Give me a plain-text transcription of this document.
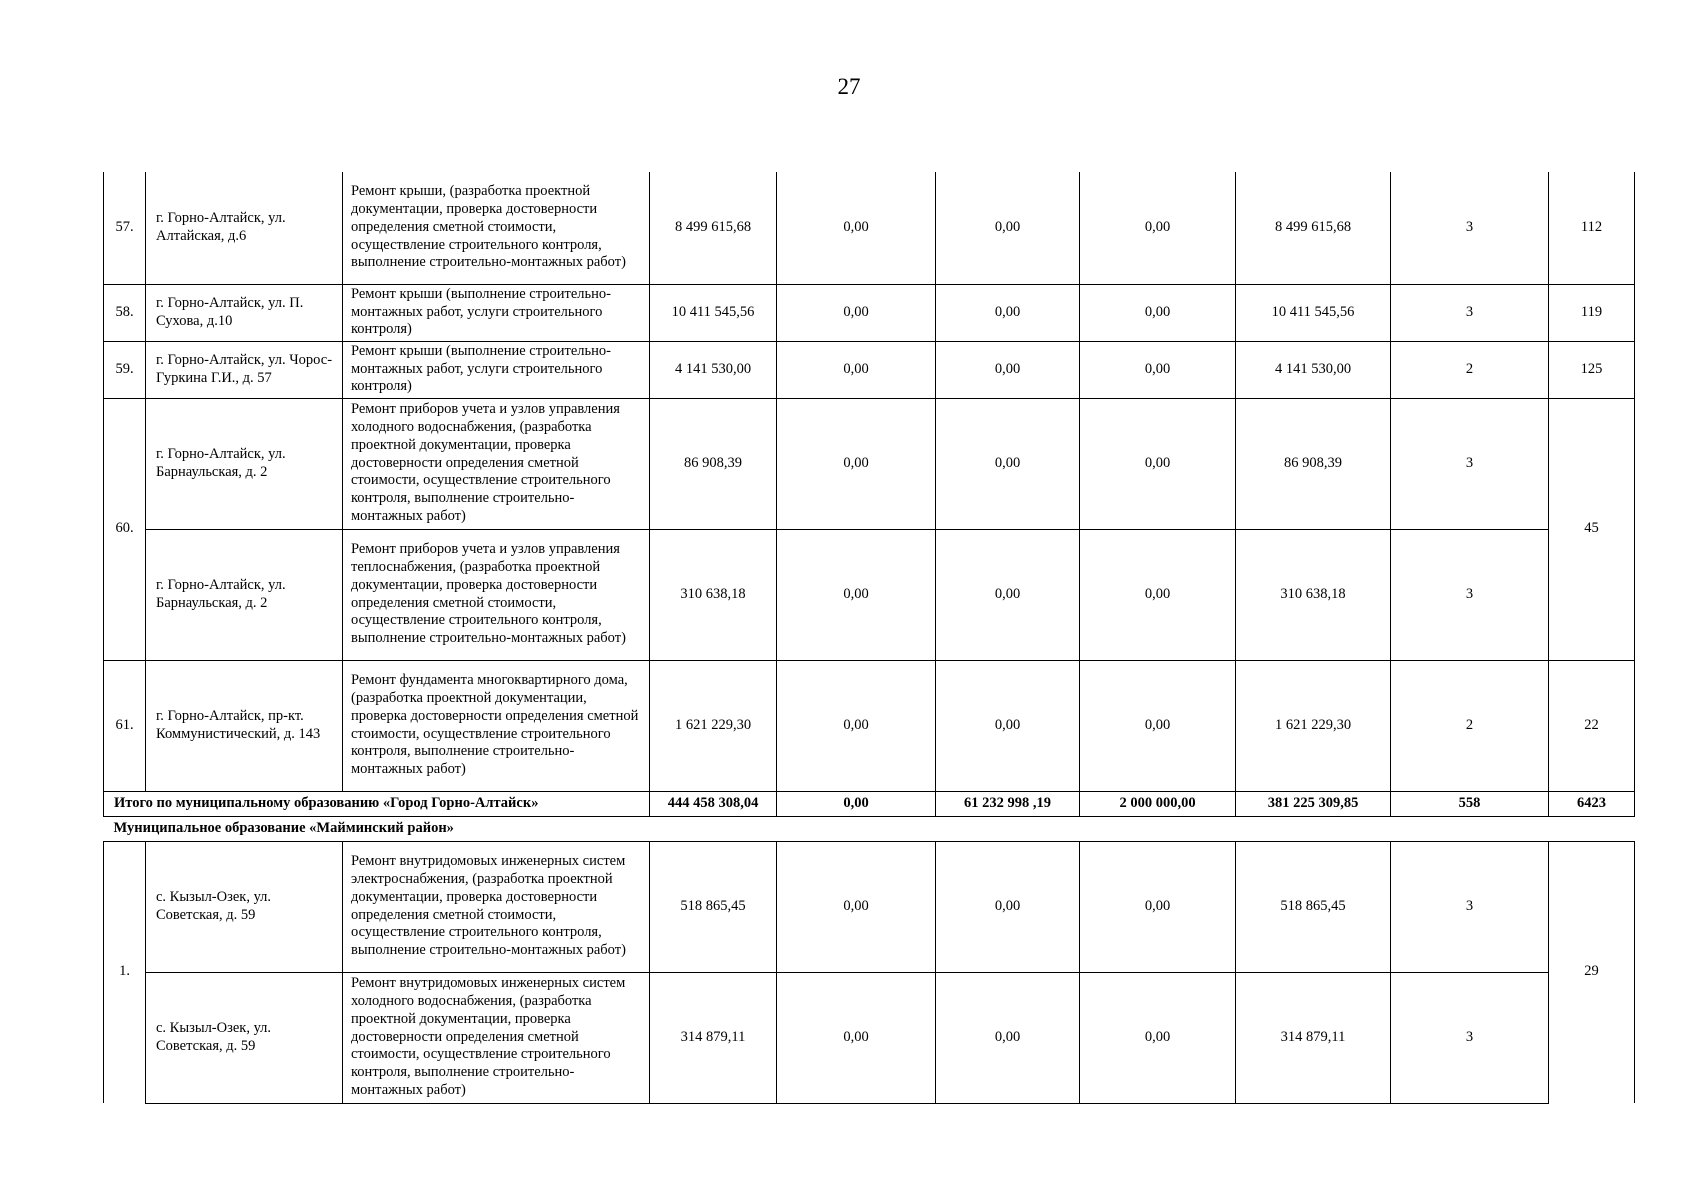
27
57.	г. Горно-Алтайск, ул. Алтайская, д.6	Ремонт крыши, (разработка проектной документации, проверка достоверности определения сметной стоимости, осуществление строительного контроля, выполнение строительно-монтажных работ)	8 499 615,68	0,00	0,00	0,00	8 499 615,68	3	112
58.	г. Горно-Алтайск, ул. П. Сухова, д.10	Ремонт крыши (выполнение строительно-монтажных работ, услуги строительного контроля)	10 411 545,56	0,00	0,00	0,00	10 411 545,56	3	119
59.	г. Горно-Алтайск, ул. Чорос-Гуркина Г.И., д. 57	Ремонт крыши (выполнение строительно-монтажных работ, услуги строительного контроля)	4 141 530,00	0,00	0,00	0,00	4 141 530,00	2	125
60.	г. Горно-Алтайск, ул. Барнаульская, д. 2	Ремонт приборов учета и узлов управления холодного водоснабжения, (разработка проектной документации, проверка достоверности определения сметной стоимости, осуществление строительного контроля, выполнение строительно-монтажных работ)	86 908,39	0,00	0,00	0,00	86 908,39	3	45
	г. Горно-Алтайск, ул. Барнаульская, д. 2	Ремонт приборов учета и узлов управления теплоснабжения, (разработка проектной документации, проверка достоверности определения сметной стоимости, осуществление строительного контроля, выполнение строительно-монтажных работ)	310 638,18	0,00	0,00	0,00	310 638,18	3	
61.	г. Горно-Алтайск, пр-кт. Коммунистический, д. 143	Ремонт фундамента многоквартирного дома, (разработка проектной документации, проверка достоверности определения сметной стоимости, осуществление строительного контроля, выполнение строительно-монтажных работ)	1 621 229,30	0,00	0,00	0,00	1 621 229,30	2	22
Итого по муниципальному образованию «Город Горно-Алтайск»			444 458 308,04	0,00	61 232 998 ,19	2 000 000,00	381 225 309,85	558	6423
Муниципальное образование «Майминский район»									
1.	с. Кызыл-Озек, ул. Советская, д. 59	Ремонт внутридомовых инженерных систем электроснабжения, (разработка проектной документации, проверка достоверности определения сметной стоимости, осуществление строительного контроля, выполнение строительно-монтажных работ)	518 865,45	0,00	0,00	0,00	518 865,45	3	29
	с. Кызыл-Озек, ул. Советская, д. 59	Ремонт внутридомовых инженерных систем холодного водоснабжения, (разработка проектной документации, проверка достоверности определения сметной стоимости, осуществление строительного контроля, выполнение строительно-монтажных работ)	314 879,11	0,00	0,00	0,00	314 879,11	3	
